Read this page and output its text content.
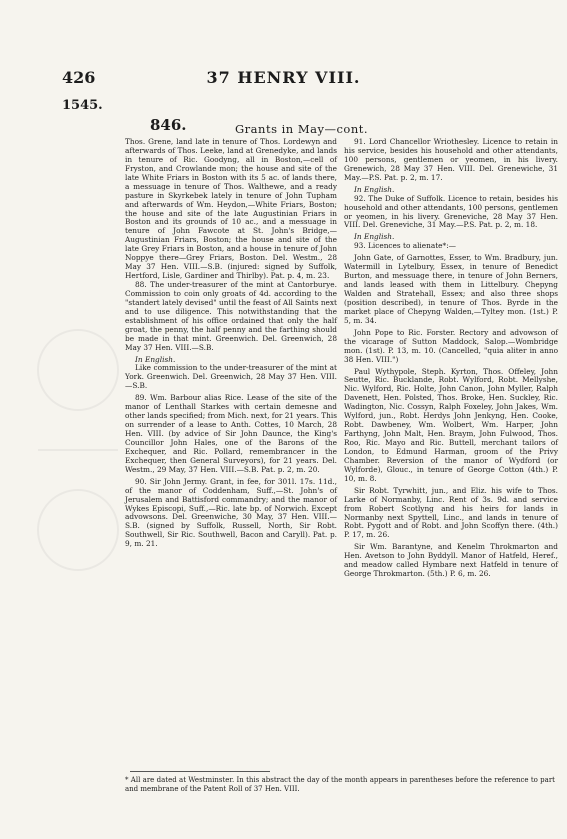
426	37 HENRY VIII.
1545.
846.	Grants in May—cont.

Thos. Grene, land late in tenure of Thos. Lordewyn and afterwards of Thos. Leeke, land at Grenedyke, and lands in tenure of Ric. Goodyng, all in Boston,—cell of Fryston, and Crowlande mon; the house and site of the late White Friars in Boston with its 5 ac. of lands there, a messuage in tenure of Thos. Walthewe, and a ready pasture in Skyrkebek lately in tenure of John Tupham and afterwards of Wm. Heydon,—White Friars, Boston; the house and site of the late Augustinian Friars in Boston and its grounds of 10 ac., and a messuage in tenure of John Fawcote at St. John's Bridge,—Augustinian Friars, Boston; the house and site of the late Grey Friars in Boston, and a house in tenure of John Noppye there—Grey Friars, Boston. Del. Westm., 28 May 37 Hen. VIII.—S.B. (injured: signed by Suffolk, Hertford, Lisle, Gardiner and Thirlby). Pat. p. 4, m. 23.

88. The under-treasurer of the mint at Cantorburye. Commission to coin only groats of 4d. according to the "standert lately devised" until the feast of All Saints next and to use diligence. This notwithstanding that the establishment of his office ordained that only the half groat, the penny, the half penny and the farthing should be made in that mint. Greenwich. Del. Greenwich, 28 May 37 Hen. VIII.—S.B.

In English.

Like commission to the under-treasurer of the mint at York. Greenwich. Del. Greenwich, 28 May 37 Hen. VIII.—S.B.

89. Wm. Barbour alias Rice. Lease of the site of the manor of Lenthall Starkes with certain demesne and other lands specified; from Mich. next, for 21 years. This on surrender of a lease to Anth. Cottes, 10 March, 28 Hen. VIII. (by advice of Sir John Daunce, the King's Councillor John Hales, one of the Barons of the Exchequer, and Ric. Pollard, remembrancer in the Exchequer, then General Surveyors), for 21 years. Del. Westm., 29 May, 37 Hen. VIII.—S.B. Pat. p. 2, m. 20.

90. Sir John Jermy. Grant, in fee, for 301l. 17s. 11d., of the manor of Coddenham, Suff.,—St. John's of Jerusalem and Battisford commandry; and the manor of Wykes Episcopi, Suff.,—Ric. late bp. of Norwich. Except advowsons. Del. Greenwiche, 30 May, 37 Hen. VIII.—S.B. (signed by Suffolk, Russell, North, Sir Robt. Southwell, Sir Ric. Southwell, Bacon and Caryll). Pat. p. 9, m. 21.

91. Lord Chancellor Wriothesley. Licence to retain in his service, besides his household and other attendants, 100 persons, gentlemen or yeomen, in his livery. Grenewich, 28 May 37 Hen. VIII. Del. Grenewiche, 31 May.—P.S. Pat. p. 2, m. 17.

In English.

92. The Duke of Suffolk. Licence to retain, besides his household and other attendants, 100 persons, gentlemen or yeomen, in his livery. Greneviche, 28 May 37 Hen. VIII. Del. Greneviche, 31 May.—P.S. Pat. p. 2, m. 18.

In English.

93. Licences to alienate*:—

John Gate, of Garnottes, Esser, to Wm. Bradbury, jun. Watermill in Lytelbury, Essex, in tenure of Benedict Burton, and messuage there, in tenure of John Berners, and lands leased with them in Littelbury. Chepyng Walden and Stratehall, Essex; and also three shops (position described), in tenure of Thos. Byrde in the market place of Chepyng Walden,—Tyltey mon. (1st.) P. 5, m. 34.

John Pope to Ric. Forster. Rectory and advowson of the vicarage of Sutton Maddock, Salop.—Wombridge mon. (1st). P. 13, m. 10. (Cancelled, "quia aliter in anno 38 Hen. VIII.")

Paul Wythypole, Steph. Kyrton, Thos. Offeley, John Seutte, Ric. Bucklande, Robt. Wylford, Robt. Mellyshe, Nic. Wylford, Ric. Holte, John Canon, John Myller, Ralph Davenett, Hen. Polsted, Thos. Broke, Hen. Suckley, Ric. Wadington, Nic. Cossyn, Ralph Foxeley, John Jakes, Wm. Wylford, jun., Robt. Herdys John Jenkyng, Hen. Cooke, Robt. Dawbeney, Wm. Wolbert, Wm. Harper, John Farthyng, John Malt, Hen. Braym, John Fulwood, Thos. Roo, Ric. Mayo and Ric. Buttell, merchant tailors of London, to Edmund Harman, groom of the Privy Chamber. Reversion of the manor of Wydford (or Wylforde), Glouc., in tenure of George Cotton (4th.) P. 10, m. 8.

Sir Robt. Tyrwhitt, jun., and Eliz. his wife to Thos. Larke of Normanby, Linc. Rent of 3s. 9d. and service from Robert Scotlyng and his heirs for lands in Normanby next Spyttell, Linc., and lands in tenure of Robt. Pygott and of Robt. and John Scoffyn there. (4th.) P. 17, m. 26.

Sir Wm. Barantyne, and Kenelm Throkmarton and Hen. Avetson to John Byddyll. Manor of Hatfeld, Heref., and meadow called Hymbare next Hatfeld in tenure of George Throkmarton. (5th.) P. 6, m. 26.

* All are dated at Westminster. In this abstract the day of the month appears in parentheses before the reference to part and membrane of the Patent Roll of 37 Hen. VIII.
